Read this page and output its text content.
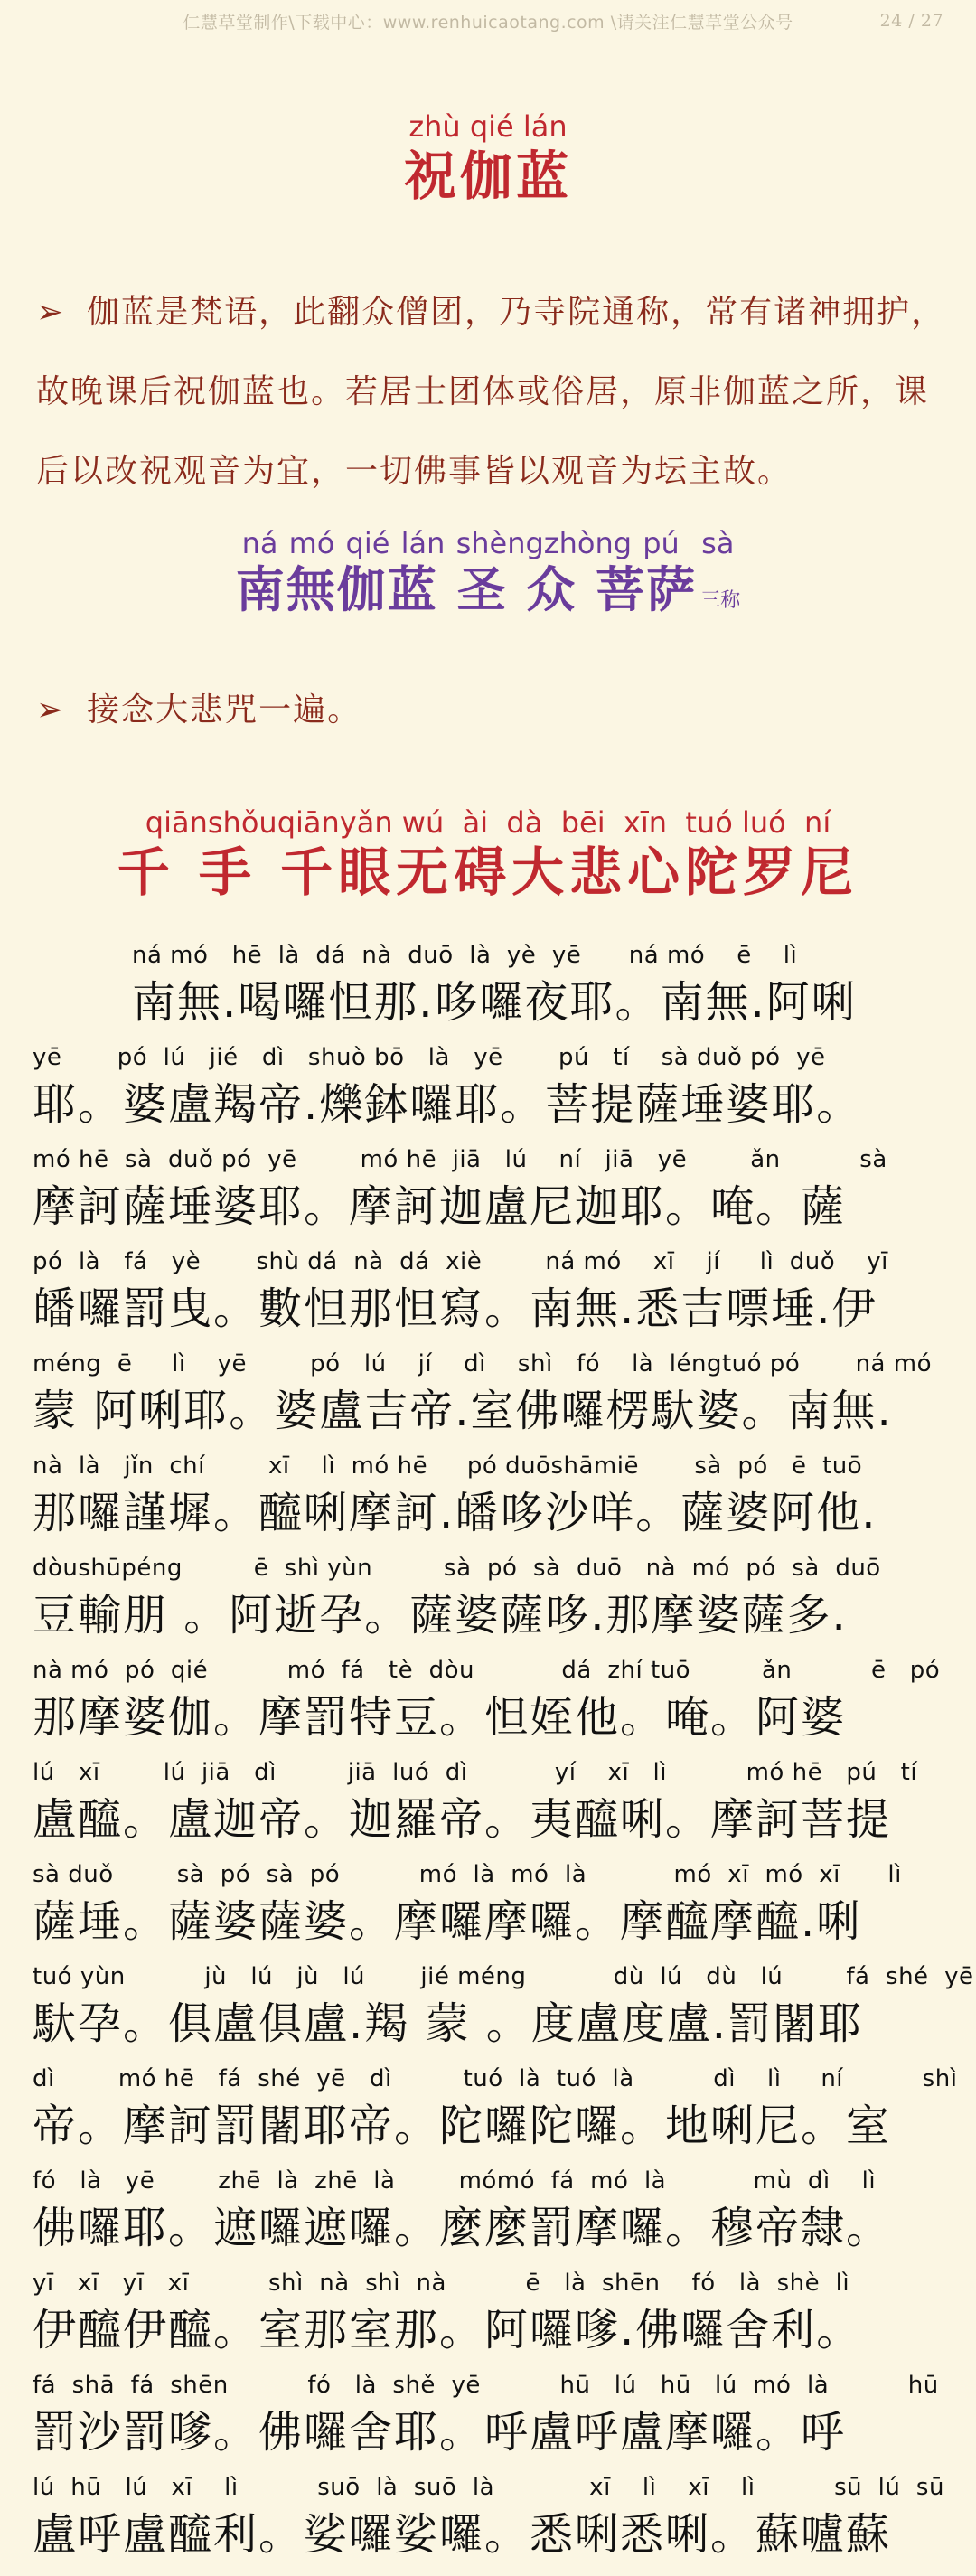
仁慧草堂制作\下载中心：www.renhuicaotang.com \请关注仁慧草堂公众号	24 / 27
zhù qié lán
祝伽蓝
➢ 伽蓝是梵语，此翻众僧团，乃寺院通称，常有诸神拥护，故晚课后祝伽蓝也。若居士团体或俗居，原非伽蓝之所，课后以改祝观音为宜，一切佛事皆以观音为坛主故。
ná mó qié lán shèngzhòng pú  sà
南無伽蓝 圣 众 菩萨 三称
➢ 接念大悲咒一遍。
qiānshǒuqiānyǎn wú  ài  dà  bēi  xīn  tuó luó  ní
千 手 千眼无碍大悲心陀罗尼
ná mó   hē  là  dá  nà  duō  là  yè  yē      ná mó    ē    lì
南無.喝囉怛那.哆囉夜耶。南無.阿唎
yē       pó  lú   jié   dì   shuò bō   là   yē       pú   tí    sà duǒ pó  yē
耶。婆盧羯帝.爍鉢囉耶。菩提薩埵婆耶。
mó hē  sà  duǒ pó  yē        mó hē  jiā   lú    ní   jiā   yē        ǎn          sà
摩訶薩埵婆耶。摩訶迦盧尼迦耶。唵。薩
pó  là   fá   yè       shù dá  nà  dá  xiè        ná mó    xī    jí     lì  duǒ    yī
皤囉罰曳。數怛那怛寫。南無.悉吉嘌埵.伊
méng  ē     lì    yē        pó   lú    jí    dì    shì   fó    là  léngtuó pó       ná mó
蒙 阿唎耶。婆盧吉帝.室佛囉楞馱婆。南無.
nà  là   jǐn  chí        xī    lì  mó hē     pó duōshāmiē       sà  pó   ē  tuō
那囉謹墀。醯唎摩訶.皤哆沙咩。薩婆阿他.
dòushūpéng         ē  shì yùn         sà  pó  sà  duō   nà  mó  pó  sà  duō
豆輸朋 。阿逝孕。薩婆薩哆.那摩婆薩多.
nà mó  pó  qié          mó  fá   tè  dòu           dá  zhí tuō         ǎn          ē   pó
那摩婆伽。摩罰特豆。怛姪他。唵。阿婆
lú   xī        lú  jiā   dì         jiā  luó  dì           yí    xī   lì          mó hē   pú   tí
盧醯。盧迦帝。迦羅帝。夷醯唎。摩訶菩提
sà duǒ        sà  pó  sà  pó          mó  là  mó  là           mó  xī  mó  xī      lì
薩埵。薩婆薩婆。摩囉摩囉。摩醯摩醯.唎
tuó yùn          jù   lú   jù   lú       jié méng           dù  lú   dù   lú        fá  shé  yē
馱孕。俱盧俱盧.羯 蒙 。度盧度盧.罰闍耶
dì        mó hē   fá  shé  yē   dì         tuó  là  tuó  là          dì    lì     ní          shì
帝。摩訶罰闍耶帝。陀囉陀囉。地唎尼。室
fó   là   yē        zhē  là  zhē  là        mómó  fá  mó  là           mù  dì    lì
佛囉耶。遮囉遮囉。麼麼罰摩囉。穆帝隸。
yī   xī   yī   xī          shì  nà  shì  nà          ē   là  shēn    fó   là  shè  lì
伊醯伊醯。室那室那。阿囉嗲.佛囉舍利。
fá  shā  fá  shēn          fó   là  shě  yē          hū   lú   hū   lú  mó  là          hū
罰沙罰嗲。佛囉舍耶。呼盧呼盧摩囉。呼
lú  hū   lú   xī    lì          suō  là  suō  là            xī    lì    xī    lì          sū  lú  sū
盧呼盧醯利。娑囉娑囉。悉唎悉唎。蘇嚧蘇
